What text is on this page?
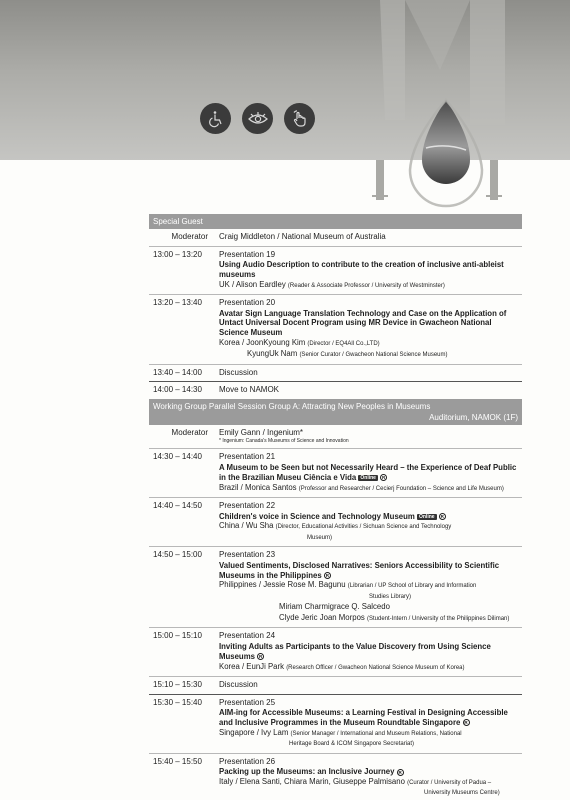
Special Guest
Moderator	Craig Middleton / National Museum of Australia
13:00 – 13:20	Presentation 19
Using Audio Description to contribute to the creation of inclusive anti-ableist museums
UK / Alison Eardley (Reader & Associate Professor / University of Westminster)
13:20 – 13:40	Presentation 20
Avatar Sign Language Translation Technology and Case on the Application of Untact Universal Docent Program using MR Device in Gwacheon National Science Museum
Korea / JoonKyoung Kim (Director / EQ4All Co.,LTD)
KyungUk Nam (Senior Curator / Gwacheon National Science Museum)
13:40 – 14:00	Discussion
14:00 – 14:30	Move to NAMOK
Working Group Parallel Session Group A: Attracting New Peoples in Museums
Auditorium, NAMOK (1F)
Moderator	Emily Gann / Ingenium*
* Ingenium: Canada's Museums of Science and Innovation
14:30 – 14:40	Presentation 21
A Museum to be Seen but not Necessarily Heard – the Experience of Deaf Public in the Brazilian Museu Ciência e Vida Online R
Brazil / Monica Santos (Professor and Researcher / Cecierj Foundation – Science and Life Museum)
14:40 – 14:50	Presentation 22
Children's voice in Science and Technology Museum Online R
China / Wu Sha (Director, Educational Activities / Sichuan Science and Technology
Museum)
14:50 – 15:00	Presentation 23
Valued Sentiments, Disclosed Narratives: Seniors Accessibility to Scientific Museums in the Philippines R
Philippines / Jessie Rose M. Bagunu (Librarian / UP School of Library and Information
Studies Library)
Miriam Charmigrace Q. Salcedo
Clyde Jeric Joan Morpos (Student-Intern / University of the Philippines Diliman)
15:00 – 15:10	Presentation 24
Inviting Adults as Participants to the Value Discovery from Using Science Museums R
Korea / EunJi Park (Research Officer / Gwacheon National Science Museum of Korea)
15:10 – 15:30	Discussion
15:30 – 15:40	Presentation 25
AIM-ing for Accessible Museums: a Learning Festival in Designing Accessible and Inclusive Programmes in the Museum Roundtable Singapore R
Singapore / Ivy Lam (Senior Manager / International and Museum Relations, National
Heritage Board & ICOM Singapore Secretariat)
15:40 – 15:50	Presentation 26
Packing up the Museums: an Inclusive Journey R
Italy / Elena Santi, Chiara Marin, Giuseppe Palmisano (Curator / University of Padua –
University Museums Centre)
